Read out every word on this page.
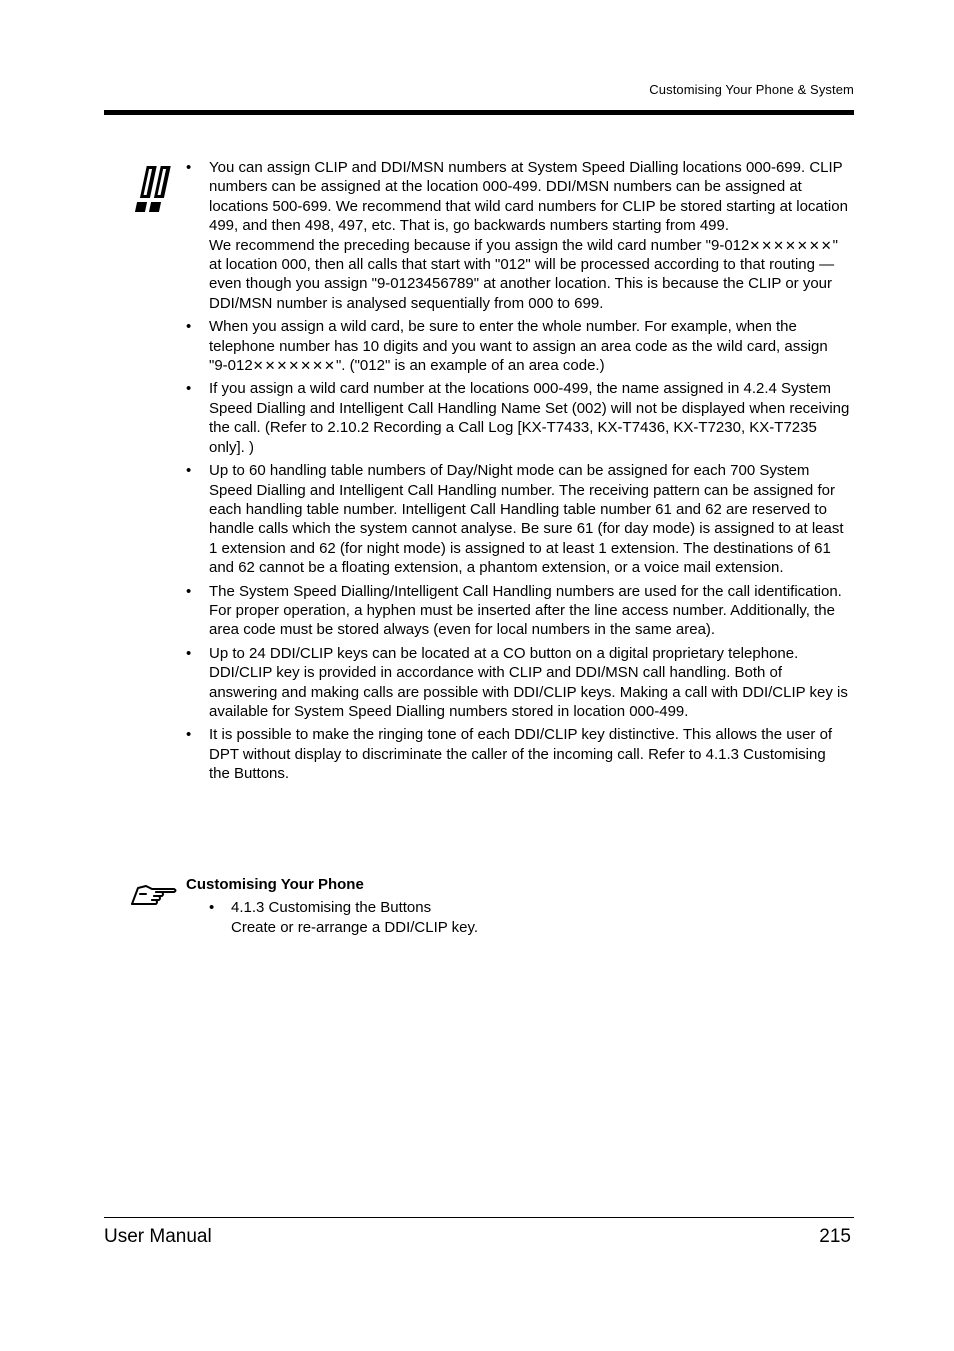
Customising Your Phone & System
• You can assign CLIP and DDI/MSN numbers at System Speed Dialling locations 000-699. CLIP numbers can be assigned at the location 000-499. DDI/MSN numbers can be assigned at locations 500-699. We recommend that wild card numbers for CLIP be stored starting at location 499, and then 498, 497, etc. That is, go backwards numbers starting from 499.

We recommend the preceding because if you assign the wild card number "9-012✕✕✕✕✕✕✕" at location 000, then all calls that start with "012" will be processed according to that routing — even though you assign "9-0123456789" at another location. This is because the CLIP or your DDI/MSN number is analysed sequentially from 000 to 699.

• When you assign a wild card, be sure to enter the whole number. For example, when the telephone number has 10 digits and you want to assign an area code as the wild card, assign "9-012✕✕✕✕✕✕✕". ("012" is an example of an area code.)

• If you assign a wild card number at the locations 000-499, the name assigned in 4.2.4 System Speed Dialling and Intelligent Call Handling Name Set (002) will not be displayed when receiving the call. (Refer to 2.10.2 Recording a Call Log [KX-T7433, KX-T7436, KX-T7230, KX-T7235 only]. )

• Up to 60 handling table numbers of Day/Night mode can be assigned for each 700 System Speed Dialling and Intelligent Call Handling number. The receiving pattern can be assigned for each handling table number. Intelligent Call Handling table number 61 and 62 are reserved to handle calls which the system cannot analyse. Be sure 61 (for day mode) is assigned to at least 1 extension and 62 (for night mode) is assigned to at least 1 extension. The destinations of 61 and 62 cannot be a floating extension, a phantom extension, or a voice mail extension.

• The System Speed Dialling/Intelligent Call Handling numbers are used for the call identification. For proper operation, a hyphen must be inserted after the line access number. Additionally, the area code must be stored always (even for local numbers in the same area).

• Up to 24 DDI/CLIP keys can be located at a CO button on a digital proprietary telephone. DDI/CLIP key is provided in accordance with CLIP and DDI/MSN call handling. Both of answering and making calls are possible with DDI/CLIP keys. Making a call with DDI/CLIP key is available for System Speed Dialling numbers stored in location 000-499.

• It is possible to make the ringing tone of each DDI/CLIP key distinctive. This allows the user of DPT without display to discriminate the caller of the incoming call. Refer to 4.1.3 Customising the Buttons.

Customising Your Phone
• 4.1.3 Customising the Buttons
Create or re-arrange a DDI/CLIP key.
User Manual	215
